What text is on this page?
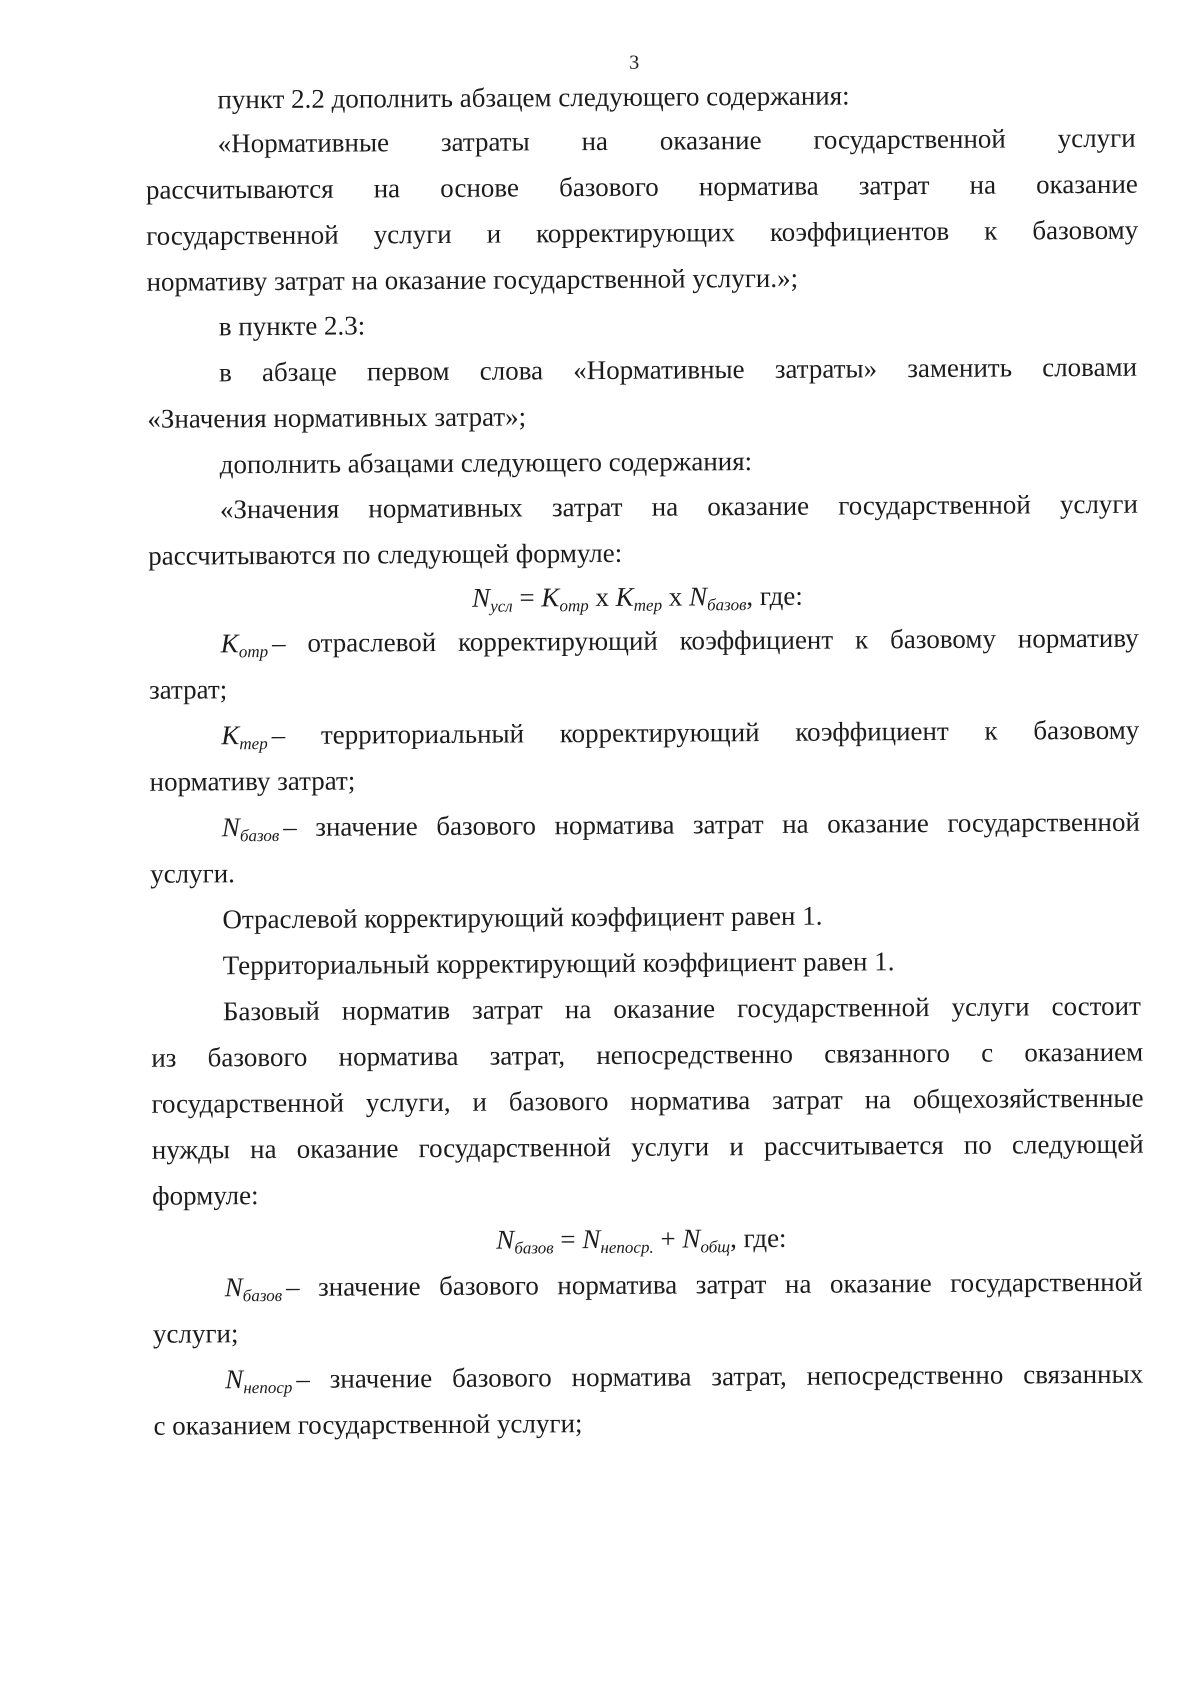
3
пункт 2.2 дополнить абзацем следующего содержания:
«Нормативные затраты на оказание государственной услуги
рассчитываются на основе базового норматива затрат на оказание
государственной услуги и корректирующих коэффициентов к базовому
нормативу затрат на оказание государственной услуги.»;
в пункте 2.3:
в абзаце первом слова «Нормативные затраты» заменить словами
«Значения нормативных затрат»;
дополнить абзацами следующего содержания:
«Значения нормативных затрат на оказание государственной услуги
рассчитываются по следующей формуле:
$N_{усл} = K_{отр}$ x $K_{тер}$ x $N_{базов}$, где:
$K_{отр}$ – отраслевой корректирующий коэффициент к базовому нормативу
затрат;
$K_{тер}$ – территориальный корректирующий коэффициент к базовому
нормативу затрат;
$N_{базов}$ – значение базового норматива затрат на оказание государственной
услуги.
Отраслевой корректирующий коэффициент равен 1.
Территориальный корректирующий коэффициент равен 1.
Базовый норматив затрат на оказание государственной услуги состоит
из базового норматива затрат, непосредственно связанного с оказанием
государственной услуги, и базового норматива затрат на общехозяйственные
нужды на оказание государственной услуги и рассчитывается по следующей
формуле:
$N_{базов} = N_{непоср.} + N_{общ}$, где:
$N_{базов}$ – значение базового норматива затрат на оказание государственной
услуги;
$N_{непоср}$ – значение базового норматива затрат, непосредственно связанных
с оказанием государственной услуги;
